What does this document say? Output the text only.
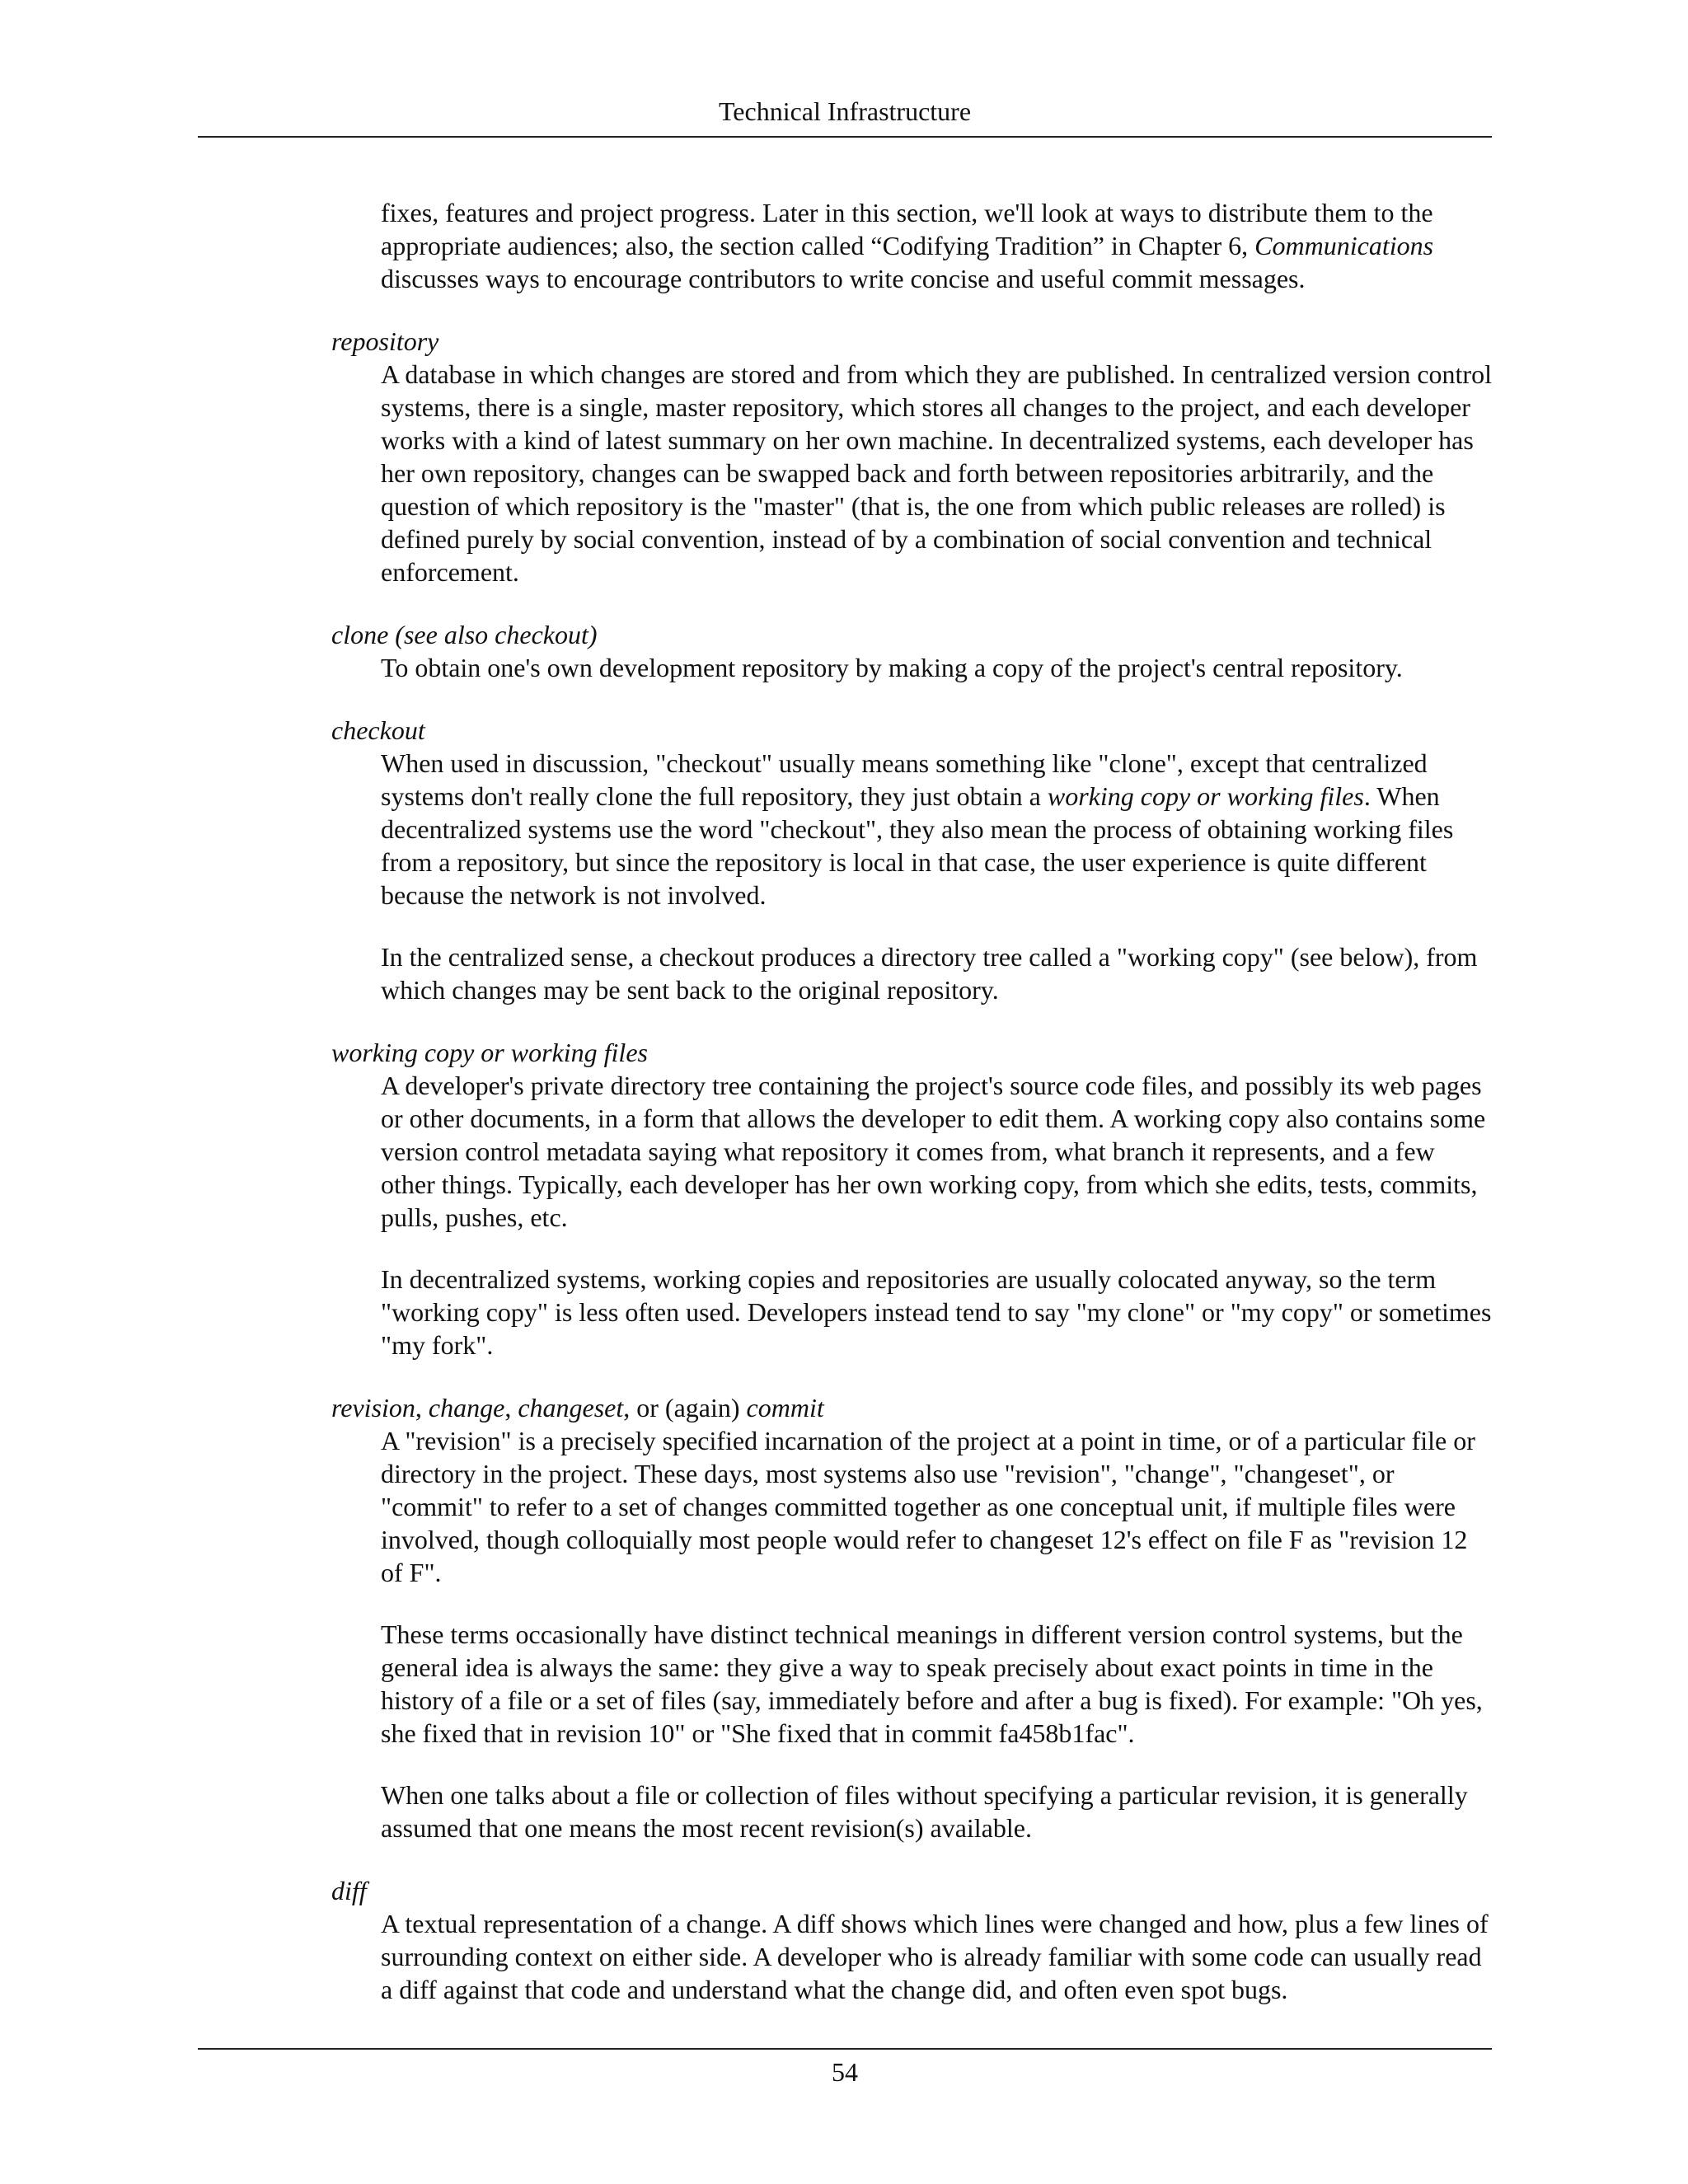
Technical Infrastructure

fixes, features and project progress. Later in this section, we'll look at ways to distribute them to the appropriate audiences; also, the section called “Codifying Tradition” in Chapter 6, Communications discusses ways to encourage contributors to write concise and useful commit messages.

repository

A database in which changes are stored and from which they are published. In centralized version control systems, there is a single, master repository, which stores all changes to the project, and each developer works with a kind of latest summary on her own machine. In decentralized systems, each developer has her own repository, changes can be swapped back and forth between repositories arbitrarily, and the question of which repository is the "master" (that is, the one from which public releases are rolled) is defined purely by social convention, instead of by a combination of social convention and technical enforcement.

clone (see also checkout)

To obtain one's own development repository by making a copy of the project's central repository.

checkout

When used in discussion, "checkout" usually means something like "clone", except that centralized systems don't really clone the full repository, they just obtain a working copy or working files. When decentralized systems use the word "checkout", they also mean the process of obtaining working files from a repository, but since the repository is local in that case, the user experience is quite different because the network is not involved.

In the centralized sense, a checkout produces a directory tree called a "working copy" (see below), from which changes may be sent back to the original repository.

working copy or working files

A developer's private directory tree containing the project's source code files, and possibly its web pages or other documents, in a form that allows the developer to edit them. A working copy also contains some version control metadata saying what repository it comes from, what branch it represents, and a few other things. Typically, each developer has her own working copy, from which she edits, tests, commits, pulls, pushes, etc.

In decentralized systems, working copies and repositories are usually colocated anyway, so the term "working copy" is less often used. Developers instead tend to say "my clone" or "my copy" or sometimes "my fork".

revision, change, changeset, or (again) commit

A "revision" is a precisely specified incarnation of the project at a point in time, or of a particular file or directory in the project. These days, most systems also use "revision", "change", "changeset", or "commit" to refer to a set of changes committed together as one conceptual unit, if multiple files were involved, though colloquially most people would refer to changeset 12's effect on file F as "revision 12 of F".

These terms occasionally have distinct technical meanings in different version control systems, but the general idea is always the same: they give a way to speak precisely about exact points in time in the history of a file or a set of files (say, immediately before and after a bug is fixed). For example: "Oh yes, she fixed that in revision 10" or "She fixed that in commit fa458b1fac".

When one talks about a file or collection of files without specifying a particular revision, it is generally assumed that one means the most recent revision(s) available.

diff

A textual representation of a change. A diff shows which lines were changed and how, plus a few lines of surrounding context on either side. A developer who is already familiar with some code can usually read a diff against that code and understand what the change did, and often even spot bugs.

54
